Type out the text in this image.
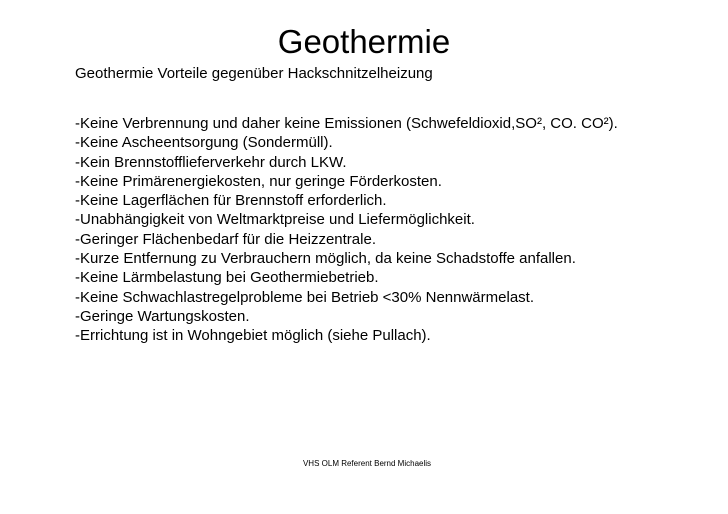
Geothermie

Geothermie Vorteile gegenüber Hackschnitzelheizung

-Keine Verbrennung und daher keine Emissionen (Schwefeldioxid,SO², CO. CO²).
-Keine Ascheentsorgung (Sondermüll).
-Kein Brennstofflieferverkehr durch LKW.
-Keine Primärenergiekosten, nur geringe Förderkosten.
-Keine Lagerflächen für Brennstoff erforderlich.
-Unabhängigkeit von Weltmarktpreise und Liefermöglichkeit.
-Geringer Flächenbedarf für die Heizzentrale.
-Kurze Entfernung zu Verbrauchern möglich, da keine Schadstoffe anfallen.
-Keine Lärmbelastung bei Geothermiebetrieb.
-Keine Schwachlastregelprobleme bei Betrieb <30% Nennwärmelast.
-Geringe Wartungskosten.
-Errichtung ist in Wohngebiet möglich (siehe Pullach).

VHS OLM Referent Bernd Michaelis
